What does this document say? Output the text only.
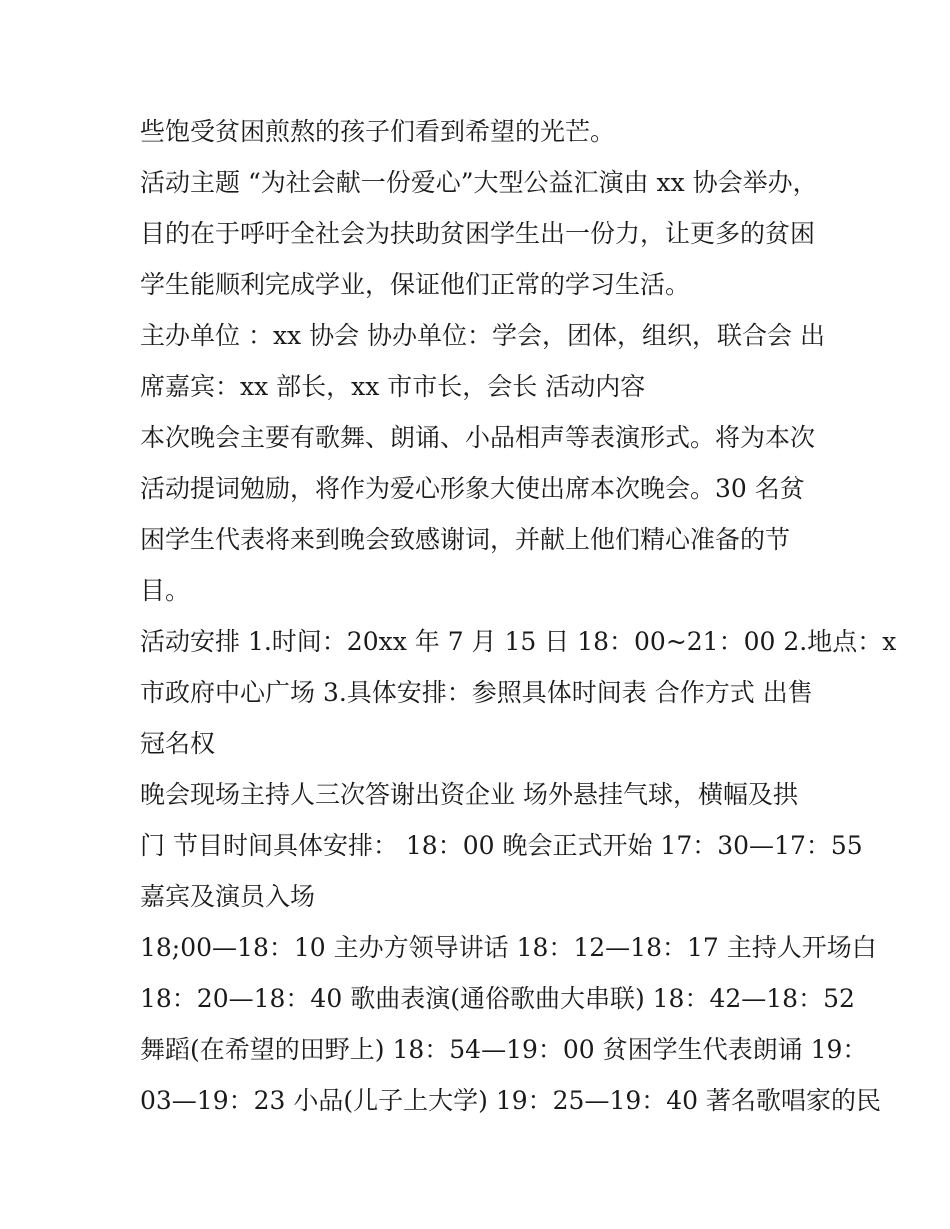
些饱受贫困煎熬的孩子们看到希望的光芒。
活动主题 “为社会献一份爱心”大型公益汇演由 xx 协会举办，
目的在于呼吁全社会为扶助贫困学生出一份力，让更多的贫困
学生能顺利完成学业，保证他们正常的学习生活。
主办单位 ：xx 协会 协办单位：学会，团体，组织，联合会 出
席嘉宾：xx 部长，xx 市市长，会长 活动内容
本次晚会主要有歌舞、朗诵、小品相声等表演形式。将为本次
活动提词勉励，将作为爱心形象大使出席本次晚会。30 名贫
困学生代表将来到晚会致感谢词，并献上他们精心准备的节
目。
活动安排 1.时间：20xx 年 7 月 15 日 18：00~21：00 2.地点：x
市政府中心广场 3.具体安排：参照具体时间表 合作方式 出售
冠名权
晚会现场主持人三次答谢出资企业 场外悬挂气球，横幅及拱
门 节目时间具体安排： 18：00 晚会正式开始 17：30—17：55
嘉宾及演员入场
18;00—18：10 主办方领导讲话 18：12—18：17 主持人开场白
18：20—18：40 歌曲表演(通俗歌曲大串联) 18：42—18：52
舞蹈(在希望的田野上) 18：54—19：00 贫困学生代表朗诵 19：
03—19：23 小品(儿子上大学) 19：25—19：40 著名歌唱家的民
